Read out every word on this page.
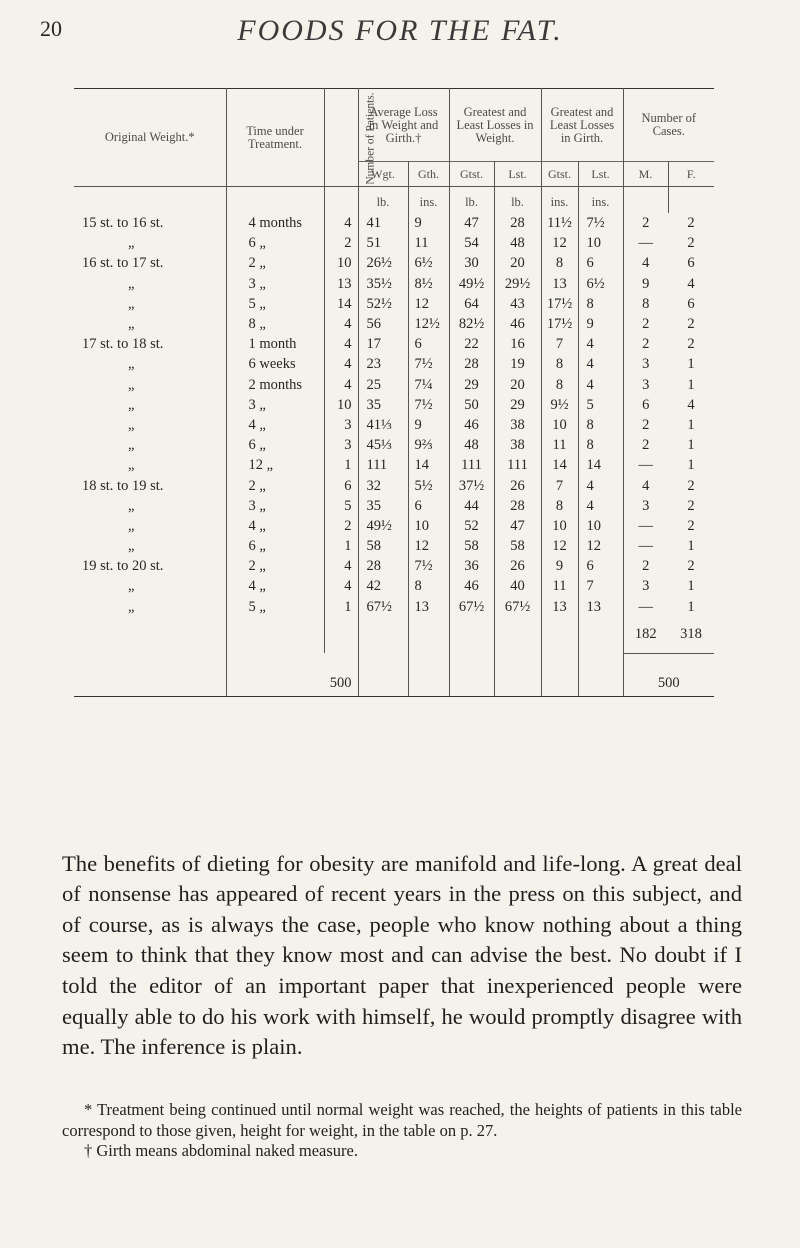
20	FOODS FOR THE FAT.
Original Weight.*	Time under Treatment.	Number of Patients.	Average Loss in Weight and Girth.†		Greatest and Least Losses in Weight.		Greatest and Least Losses in Girth.		Number of Cases.	
			Wgt.	Gth.	Gtst.	Lst.	Gtst.	Lst.	M.	F.
			lb.	ins.	lb.	lb.	ins.	ins.		
15 st. to 16 st.	4 months	4	41	9	47	28	11½	7½	2	2
„	6 „	2	51	11	54	48	12	10	—	2
16 st. to 17 st.	2 „	10	26½	6½	30	20	8	6	4	6
„	3 „	13	35½	8½	49½	29½	13	6½	9	4
„	5 „	14	52½	12	64	43	17½	8	8	6
„	8 „	4	56	12½	82½	46	17½	9	2	2
17 st. to 18 st.	1 month	4	17	6	22	16	7	4	2	2
„	6 weeks	4	23	7½	28	19	8	4	3	1
„	2 months	4	25	7¼	29	20	8	4	3	1
„	3 „	10	35	7½	50	29	9½	5	6	4
„	4 „	3	41⅓	9	46	38	10	8	2	1
„	6 „	3	45⅓	9⅔	48	38	11	8	2	1
„	12 „	1	111	14	111	111	14	14	—	1
18 st. to 19 st.	2 „	6	32	5½	37½	26	7	4	4	2
„	3 „	5	35	6	44	28	8	4	3	2
„	4 „	2	49½	10	52	47	10	10	—	2
„	6 „	1	58	12	58	58	12	12	—	1
19 st. to 20 st.	2 „	4	28	7½	36	26	9	6	2	2
„	4 „	4	42	8	46	40	11	7	3	1
„	5 „	1	67½	13	67½	67½	13	13	—	1
									182	318
	500								500	

The benefits of dieting for obesity are manifold and life-long. A great deal of nonsense has appeared of recent years in the press on this subject, and of course, as is always the case, people who know nothing about a thing seem to think that they know most and can advise the best. No doubt if I told the editor of an important paper that inexperienced people were equally able to do his work with himself, he would promptly disagree with me. The inference is plain.

* Treatment being continued until normal weight was reached, the heights of patients in this table correspond to those given, height for weight, in the table on p. 27.
† Girth means abdominal naked measure.
